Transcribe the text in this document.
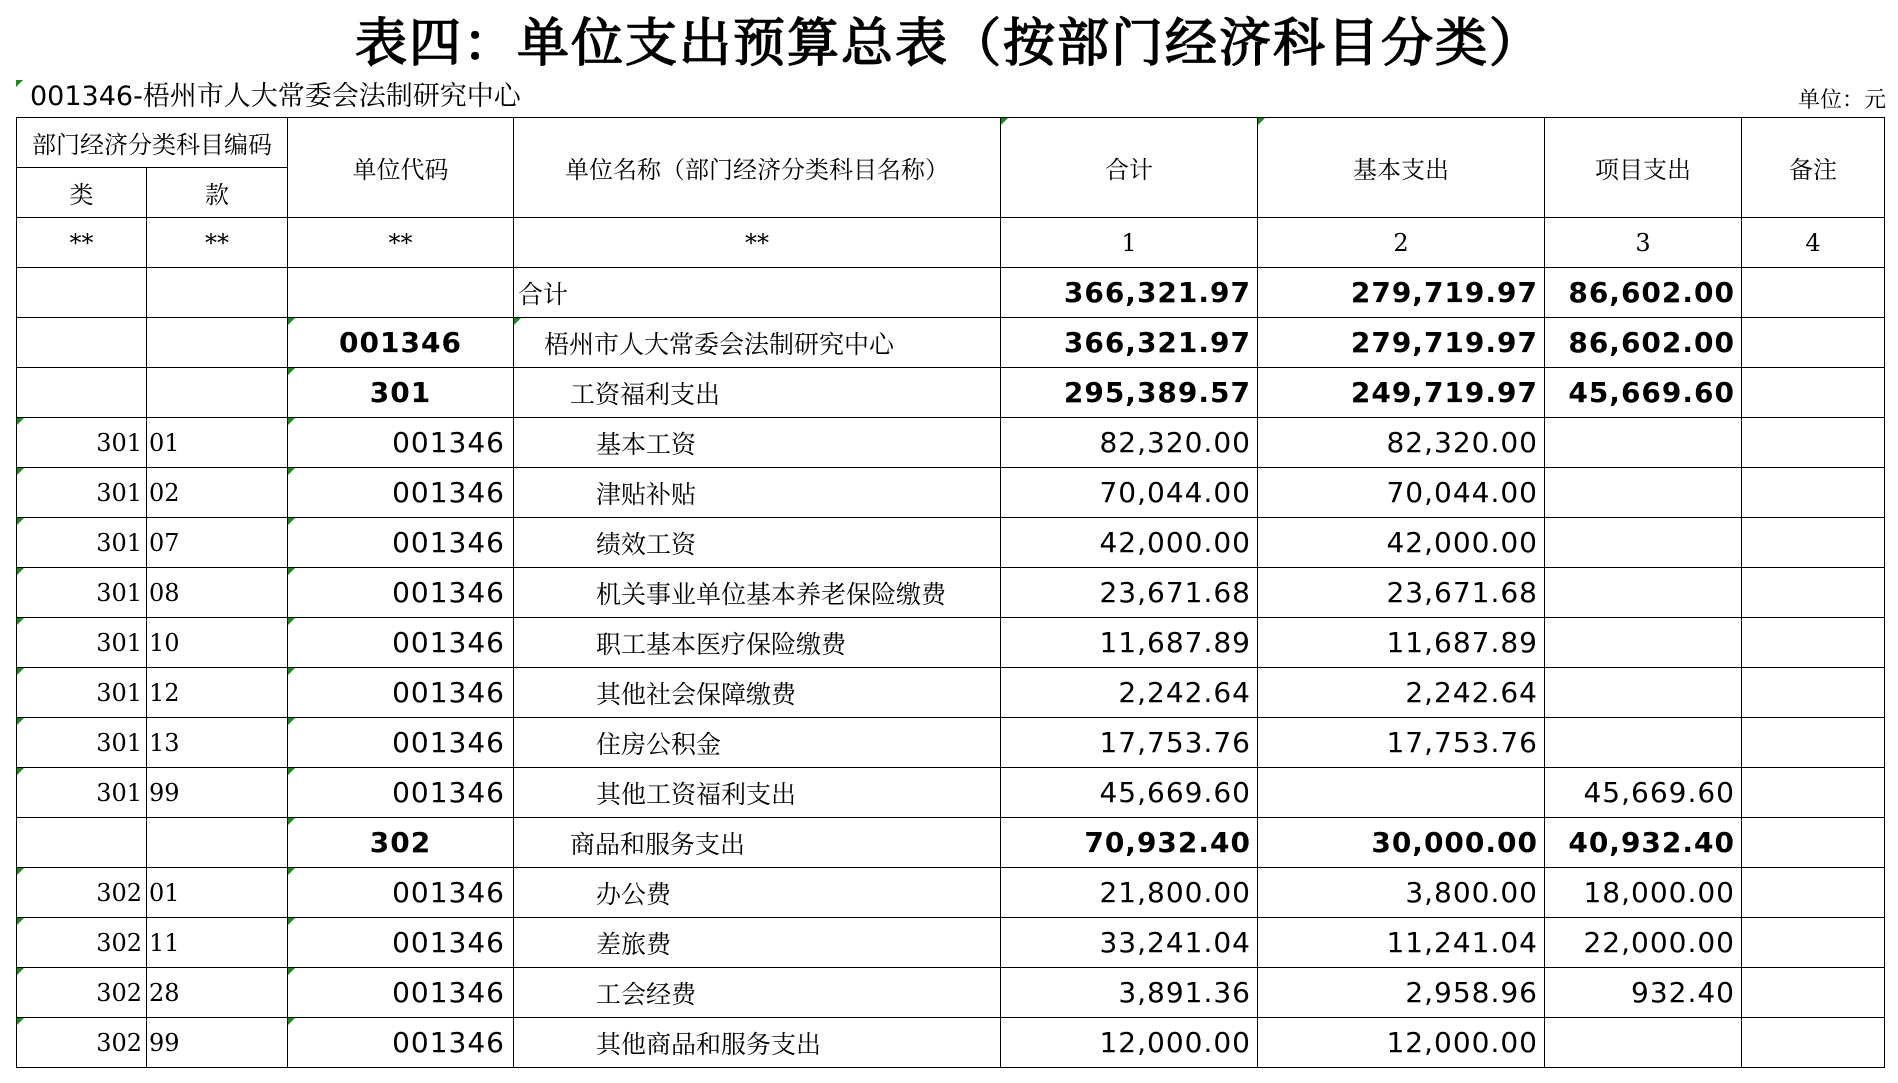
表四：单位支出预算总表（按部门经济科目分类）
001346-梧州市人大常委会法制研究中心	单位：元
部门经济分类科目编码		单位代码	单位名称（部门经济分类科目名称）	合计	基本支出	项目支出	备注
类	款						
**	**	**	**	1	2	3	4
			合计	366,321.97	279,719.97	86,602.00	
		001346	梧州市人大常委会法制研究中心	366,321.97	279,719.97	86,602.00	
		301	工资福利支出	295,389.57	249,719.97	45,669.60	
301	01	001346	基本工资	82,320.00	82,320.00		
301	02	001346	津贴补贴	70,044.00	70,044.00		
301	07	001346	绩效工资	42,000.00	42,000.00		
301	08	001346	机关事业单位基本养老保险缴费	23,671.68	23,671.68		
301	10	001346	职工基本医疗保险缴费	11,687.89	11,687.89		
301	12	001346	其他社会保障缴费	2,242.64	2,242.64		
301	13	001346	住房公积金	17,753.76	17,753.76		
301	99	001346	其他工资福利支出	45,669.60		45,669.60	
		302	商品和服务支出	70,932.40	30,000.00	40,932.40	
302	01	001346	办公费	21,800.00	3,800.00	18,000.00	
302	11	001346	差旅费	33,241.04	11,241.04	22,000.00	
302	28	001346	工会经费	3,891.36	2,958.96	932.40	
302	99	001346	其他商品和服务支出	12,000.00	12,000.00		
